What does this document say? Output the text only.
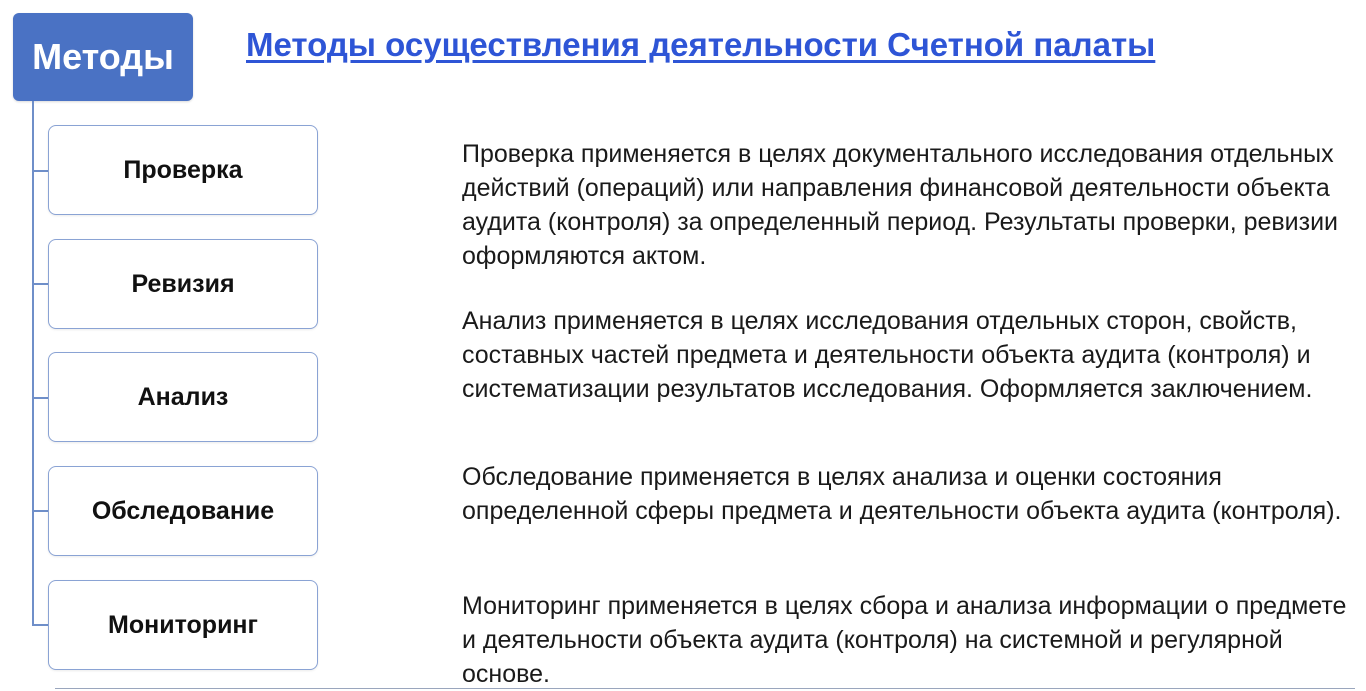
Методы	Методы осуществления деятельности Счетной палаты
Проверка
Ревизия
Анализ
Обследование
Мониторинг
Проверка применяется в целях документального исследования отдельных действий (операций) или направления финансовой деятельности объекта аудита (контроля) за определенный период. Результаты проверки, ревизии оформляются актом.
Анализ применяется в целях исследования отдельных сторон, свойств, составных частей предмета и деятельности объекта аудита (контроля) и систематизации результатов исследования. Оформляется заключением.
Обследование применяется в целях анализа и оценки состояния определенной сферы предмета и деятельности объекта аудита (контроля).
Мониторинг применяется в целях сбора и анализа информации о предмете и деятельности объекта аудита (контроля) на системной и регулярной основе.
